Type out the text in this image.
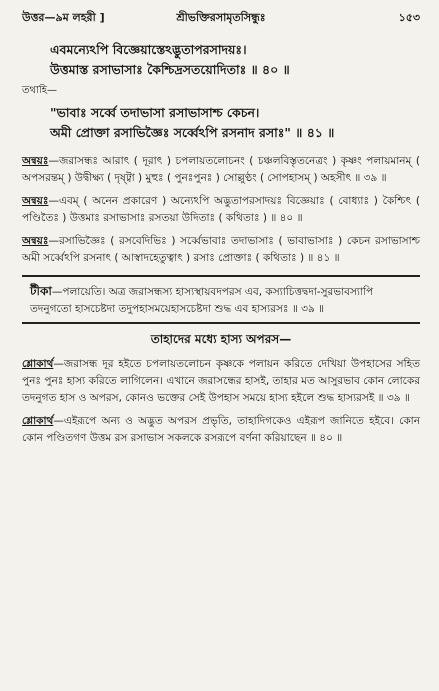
উত্তর—৯ম লহরী ]	শ্রীভক্তিরসামৃতসিন্ধুঃ	১৫৩
এবমন্যেঽপি বিজ্ঞেয়াস্তেঽদ্ভুতাপরসাদয়ঃ।
উত্তমাস্ত রসাভাসাঃ কৈশ্চিদ্রসতয়োদিতাঃ ॥ ৪০ ॥
তথাহি—
"ভাবাঃ সর্ব্বে তদাভাসা রসাভাসাশ্চ কেচন।
অমী প্রোক্তা রসাভিজ্ঞৈঃ সর্ব্বেঽপি রসনাদ রসাঃ" ॥ ৪১ ॥
অন্বয়ঃ—জরাসন্ধঃ আরাৎ ( দূরাৎ ) চপলায়তলোচনং ( চঞ্চলবিস্তৃতনেত্রং ) কৃষ্ণং পলায়মানম্ ( অপসরন্তম্ ) উদ্বীক্ষ্য ( দৃষ্ট্বা ) মুহুঃ ( পুনঃপুনঃ ) সোল্লুণ্ঠং ( সোপহাসম্ ) অহসীৎ ॥ ৩৯ ॥
অন্বয়ঃ—এবম্ ( অনেন প্রকারেণ ) অন্যেঽপি অদ্ভুতাপরসাদয়ঃ বিজ্ঞেয়াঃ ( বোধ্যাঃ ) কৈশ্চিৎ ( পণ্ডিতৈঃ ) উত্তমাঃ রসাভাসাঃ রসতয়া উদিতাঃ ( কথিতাঃ ) ॥ ৪০ ॥
অন্বয়ঃ—রসাভিজ্ঞৈঃ ( রসবেদিভিঃ ) সর্ব্বেভাবাঃ তদাভাসাঃ ( ভাবাভাসাঃ ) কেচন রসাভাসাশ্চ অমী সর্ব্বেঽপি রসনাৎ ( আস্বাদহেতুত্বাৎ ) রসাঃ প্রোক্তাঃ ( কথিতাঃ ) ॥ ৪১ ॥
টীকা—পলায়েতি। অত্র জরাসন্ধস্য হাস্যস্থায়বদপরস এব, কস্যাচিত্তদ্বদা-সুরভাবস্যাপি তদনুগতো হাসচেষ্টদা তদুপহাসময়েহাসচেষ্টদা শুদ্ধ এব হাস্যরসঃ ॥ ৩৯ ॥
তাহাদের মধ্যে হাস্য অপরস—
শ্লোকার্থ—জরাসন্ধ দূর হইতে চপলায়তলোচন কৃষ্ণকে পলায়ন করিতে দেখিয়া উপহাসের সহিত পুনঃ পুনঃ হাস্য করিতে লাগিলেন। এখানে জরাসন্ধের হাসই, তাহার মত আসুরভাব কোন লোকের তদনুগত হাস ও অপরস, কোনও ভক্তের সেই উপহাস সময়ে হাস্য হইলে শুদ্ধ হাস্যরসই ॥ ৩৯ ॥
শ্লোকার্থ—এইরূপে অন্য ও অদ্ভুত অপরস প্রভৃতি, তাহাদিগকেও এইরূপ জানিতে হইবে। কোন কোন পণ্ডিতগণ উত্তম রস রসাভাস সকলকে রসরূপে বর্ণনা করিয়াছেন ॥ ৪০ ॥
